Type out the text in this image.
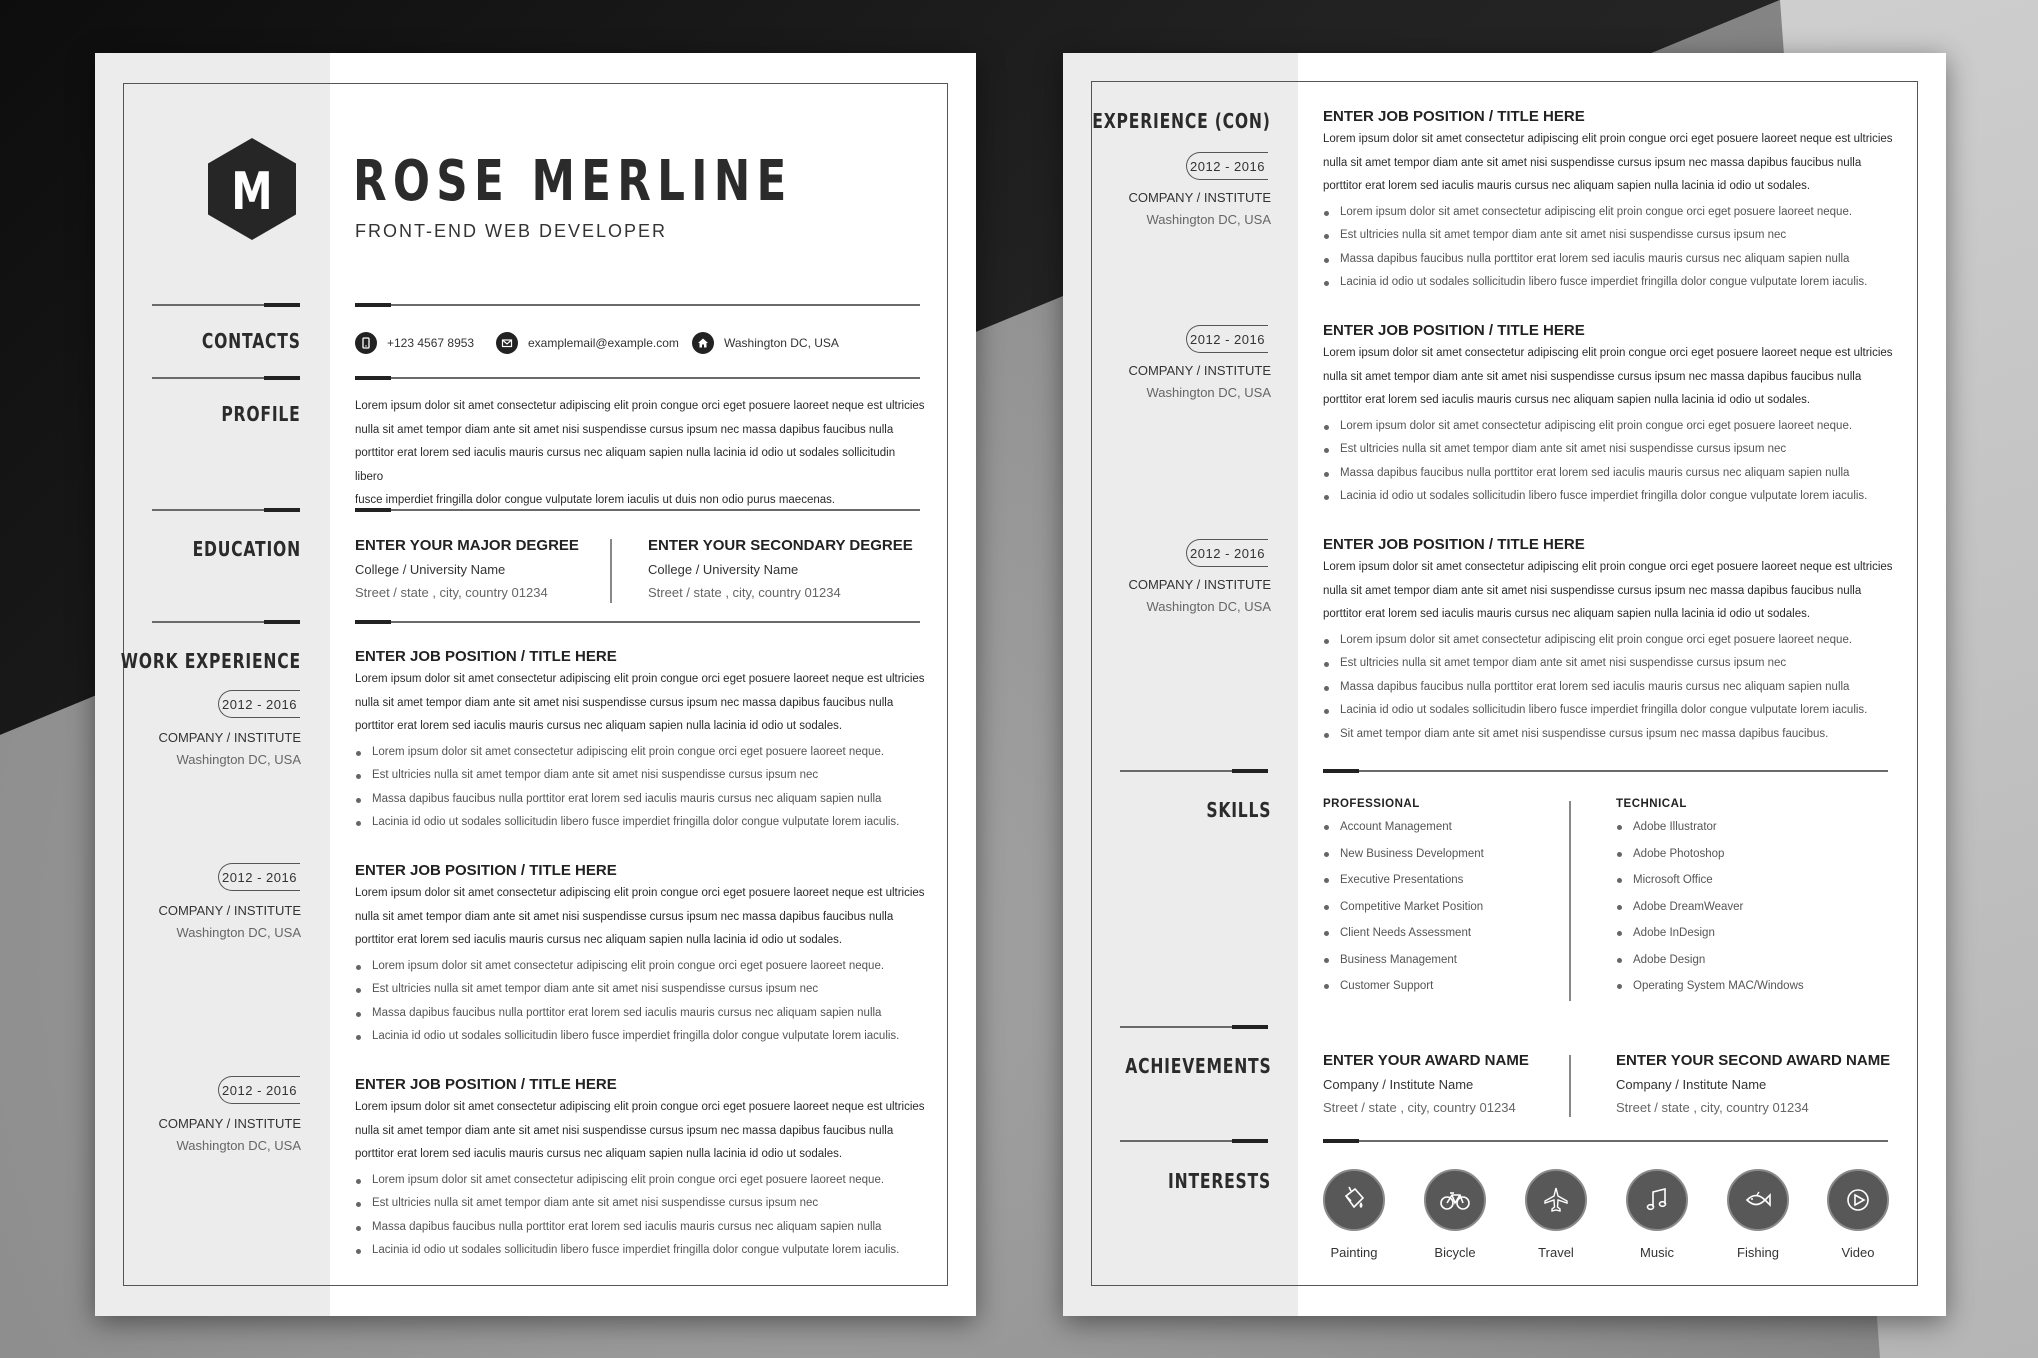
M ROSE MERLINE
FRONT-END WEB DEVELOPER
CONTACTS	+123 4567 8953	examplemail@example.com	Washington DC, USA
PROFILE	Lorem ipsum dolor sit amet consectetur adipiscing elit proin congue orci eget posuere laoreet neque est ultricies
nulla sit amet tempor diam ante sit amet nisi suspendisse cursus ipsum nec massa dapibus faucibus nulla
porttitor erat lorem sed iaculis mauris cursus nec aliquam sapien nulla lacinia id odio ut sodales sollicitudin libero
fusce imperdiet fringilla dolor congue vulputate lorem iaculis ut duis non odio purus maecenas.
EDUCATION	ENTER YOUR MAJOR DEGREE
College / University Name
Street / state , city, country 01234
ENTER YOUR SECONDARY DEGREE
College / University Name
Street / state , city, country 01234
WORK EXPERIENCE
2012 - 2016
COMPANY / INSTITUTE
Washington DC, USA
ENTER JOB POSITION / TITLE HERE
Lorem ipsum dolor sit amet consectetur adipiscing elit proin congue orci eget posuere laoreet neque est ultricies
nulla sit amet tempor diam ante sit amet nisi suspendisse cursus ipsum nec massa dapibus faucibus nulla
porttitor erat lorem sed iaculis mauris cursus nec aliquam sapien nulla lacinia id odio ut sodales.
Lorem ipsum dolor sit amet consectetur adipiscing elit proin congue orci eget posuere laoreet neque.
Est ultricies nulla sit amet tempor diam ante sit amet nisi suspendisse cursus ipsum nec
Massa dapibus faucibus nulla porttitor erat lorem sed iaculis mauris cursus nec aliquam sapien nulla
Lacinia id odio ut sodales sollicitudin libero fusce imperdiet fringilla dolor congue vulputate lorem iaculis.
2012 - 2016
COMPANY / INSTITUTE
Washington DC, USA
ENTER JOB POSITION / TITLE HERE
Lorem ipsum dolor sit amet consectetur adipiscing elit proin congue orci eget posuere laoreet neque est ultricies
nulla sit amet tempor diam ante sit amet nisi suspendisse cursus ipsum nec massa dapibus faucibus nulla
porttitor erat lorem sed iaculis mauris cursus nec aliquam sapien nulla lacinia id odio ut sodales.
Lorem ipsum dolor sit amet consectetur adipiscing elit proin congue orci eget posuere laoreet neque.
Est ultricies nulla sit amet tempor diam ante sit amet nisi suspendisse cursus ipsum nec
Massa dapibus faucibus nulla porttitor erat lorem sed iaculis mauris cursus nec aliquam sapien nulla
Lacinia id odio ut sodales sollicitudin libero fusce imperdiet fringilla dolor congue vulputate lorem iaculis.
2012 - 2016
COMPANY / INSTITUTE
Washington DC, USA
ENTER JOB POSITION / TITLE HERE
Lorem ipsum dolor sit amet consectetur adipiscing elit proin congue orci eget posuere laoreet neque est ultricies
nulla sit amet tempor diam ante sit amet nisi suspendisse cursus ipsum nec massa dapibus faucibus nulla
porttitor erat lorem sed iaculis mauris cursus nec aliquam sapien nulla lacinia id odio ut sodales.
Lorem ipsum dolor sit amet consectetur adipiscing elit proin congue orci eget posuere laoreet neque.
Est ultricies nulla sit amet tempor diam ante sit amet nisi suspendisse cursus ipsum nec
Massa dapibus faucibus nulla porttitor erat lorem sed iaculis mauris cursus nec aliquam sapien nulla
Lacinia id odio ut sodales sollicitudin libero fusce imperdiet fringilla dolor congue vulputate lorem iaculis.
EXPERIENCE (CON)
2012 - 2016
COMPANY / INSTITUTE
Washington DC, USA
ENTER JOB POSITION / TITLE HERE
Lorem ipsum dolor sit amet consectetur adipiscing elit proin congue orci eget posuere laoreet neque est ultricies
nulla sit amet tempor diam ante sit amet nisi suspendisse cursus ipsum nec massa dapibus faucibus nulla
porttitor erat lorem sed iaculis mauris cursus nec aliquam sapien nulla lacinia id odio ut sodales.
Lorem ipsum dolor sit amet consectetur adipiscing elit proin congue orci eget posuere laoreet neque.
Est ultricies nulla sit amet tempor diam ante sit amet nisi suspendisse cursus ipsum nec
Massa dapibus faucibus nulla porttitor erat lorem sed iaculis mauris cursus nec aliquam sapien nulla
Lacinia id odio ut sodales sollicitudin libero fusce imperdiet fringilla dolor congue vulputate lorem iaculis.
2012 - 2016
COMPANY / INSTITUTE
Washington DC, USA
ENTER JOB POSITION / TITLE HERE
Lorem ipsum dolor sit amet consectetur adipiscing elit proin congue orci eget posuere laoreet neque est ultricies
nulla sit amet tempor diam ante sit amet nisi suspendisse cursus ipsum nec massa dapibus faucibus nulla
porttitor erat lorem sed iaculis mauris cursus nec aliquam sapien nulla lacinia id odio ut sodales.
Lorem ipsum dolor sit amet consectetur adipiscing elit proin congue orci eget posuere laoreet neque.
Est ultricies nulla sit amet tempor diam ante sit amet nisi suspendisse cursus ipsum nec
Massa dapibus faucibus nulla porttitor erat lorem sed iaculis mauris cursus nec aliquam sapien nulla
Lacinia id odio ut sodales sollicitudin libero fusce imperdiet fringilla dolor congue vulputate lorem iaculis.
2012 - 2016
COMPANY / INSTITUTE
Washington DC, USA
ENTER JOB POSITION / TITLE HERE
Lorem ipsum dolor sit amet consectetur adipiscing elit proin congue orci eget posuere laoreet neque est ultricies
nulla sit amet tempor diam ante sit amet nisi suspendisse cursus ipsum nec massa dapibus faucibus nulla
porttitor erat lorem sed iaculis mauris cursus nec aliquam sapien nulla lacinia id odio ut sodales.
Lorem ipsum dolor sit amet consectetur adipiscing elit proin congue orci eget posuere laoreet neque.
Est ultricies nulla sit amet tempor diam ante sit amet nisi suspendisse cursus ipsum nec
Massa dapibus faucibus nulla porttitor erat lorem sed iaculis mauris cursus nec aliquam sapien nulla
Lacinia id odio ut sodales sollicitudin libero fusce imperdiet fringilla dolor congue vulputate lorem iaculis.
Sit amet tempor diam ante sit amet nisi suspendisse cursus ipsum nec massa dapibus faucibus.
SKILLS	PROFESSIONAL
Account Management
New Business Development
Executive Presentations
Competitive Market Position
Client Needs Assessment
Business Management
Customer Support
TECHNICAL
Adobe Illustrator
Adobe Photoshop
Microsoft Office
Adobe DreamWeaver
Adobe InDesign
Adobe Design
Operating System MAC/Windows
ACHIEVEMENTS	ENTER YOUR AWARD NAME
Company / Institute Name
Street / state , city, country 01234
ENTER YOUR SECOND AWARD NAME
Company / Institute Name
Street / state , city, country 01234
INTERESTS
Painting	Bicycle	Travel	Music	Fishing	Video
